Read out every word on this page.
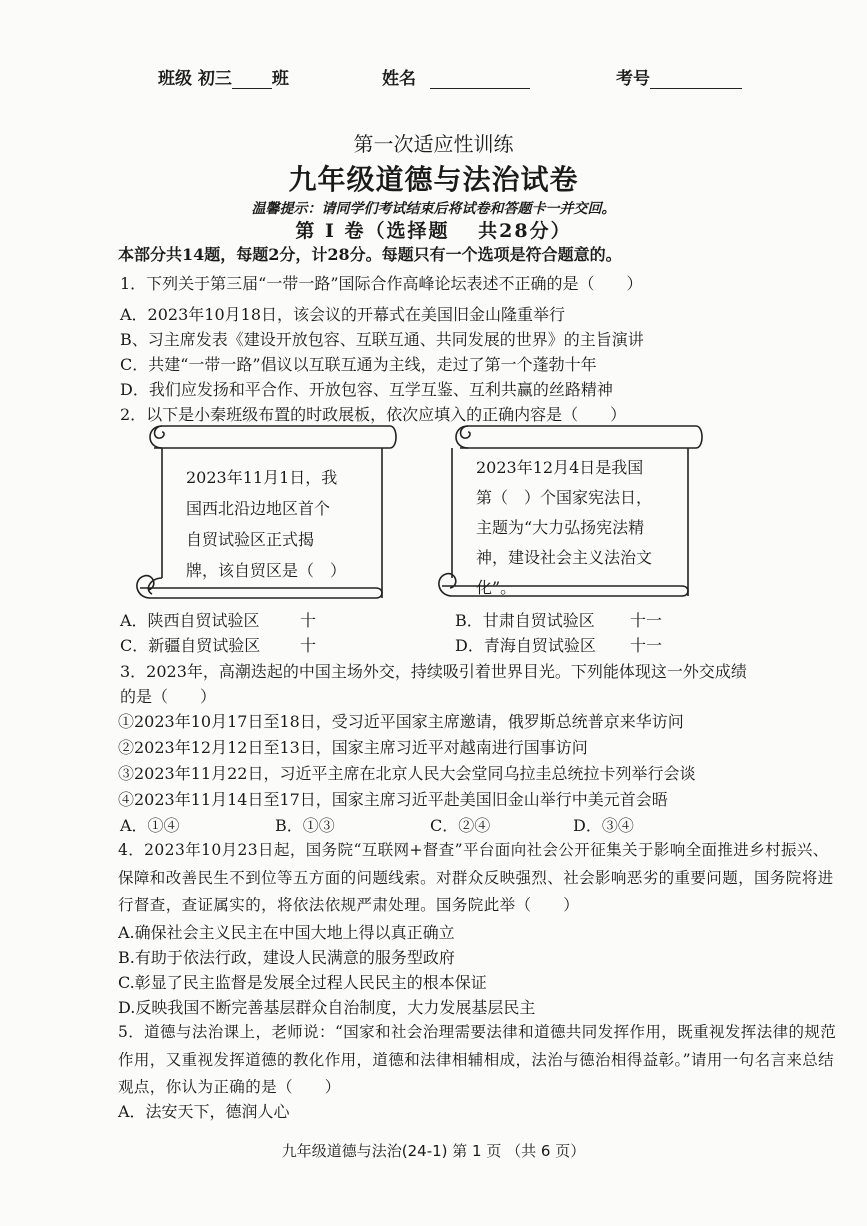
班级 初三 班	姓名	考号
第一次适应性训练
九年级道德与法治试卷
温馨提示：请同学们考试结束后将试卷和答题卡一并交回。
第 Ⅰ 卷（选择题 共28分）
本部分共14题，每题2分，计28分。每题只有一个选项是符合题意的。
1．下列关于第三届“一带一路”国际合作高峰论坛表述不正确的是（　　）
A．2023年10月18日，该会议的开幕式在美国旧金山隆重举行
B、习主席发表《建设开放包容、互联互通、共同发展的世界》的主旨演讲
C．共建“一带一路”倡议以互联互通为主线，走过了第一个蓬勃十年
D．我们应发扬和平合作、开放包容、互学互鉴、互利共赢的丝路精神
2．以下是小秦班级布置的时政展板，依次应填入的正确内容是（　　）
2023年11月1日，我
国西北沿边地区首个
自贸试验区正式揭
牌，该自贸区是（　）
2023年12月4日是我国
第（　）个国家宪法日，
主题为“大力弘扬宪法精
神，建设社会主义法治文
化”。
A．陕西自贸试验区	十	B．甘肃自贸试验区 十一
C．新疆自贸试验区 十	D．青海自贸试验区 十一
3．2023年，高潮迭起的中国主场外交，持续吸引着世界目光。下列能体现这一外交成绩
的是（　　）
①2023年10月17日至18日，受习近平国家主席邀请，俄罗斯总统普京来华访问
②2023年12月12日至13日，国家主席习近平对越南进行国事访问
③2023年11月22日，习近平主席在北京人民大会堂同乌拉圭总统拉卡列举行会谈
④2023年11月14日至17日，国家主席习近平赴美国旧金山举行中美元首会晤
A．①④	B．①③	C．②④	D．③④
4．2023年10月23日起，国务院“互联网+督查”平台面向社会公开征集关于影响全面推进乡村振兴、保障和改善民生不到位等五方面的问题线索。对群众反映强烈、社会影响恶劣的重要问题，国务院将进行督查，查证属实的，将依法依规严肃处理。国务院此举（　　）
A.确保社会主义民主在中国大地上得以真正确立
B.有助于依法行政，建设人民满意的服务型政府
C.彰显了民主监督是发展全过程人民民主的根本保证
D.反映我国不断完善基层群众自治制度，大力发展基层民主
5．道德与法治课上，老师说：“国家和社会治理需要法律和道德共同发挥作用，既重视发挥法律的规范作用，又重视发挥道德的教化作用，道德和法律相辅相成，法治与德治相得益彰。”请用一句名言来总结观点，你认为正确的是（　　）
A．法安天下，德润人心
九年级道德与法治(24-1) 第 1 页 （共 6 页）
